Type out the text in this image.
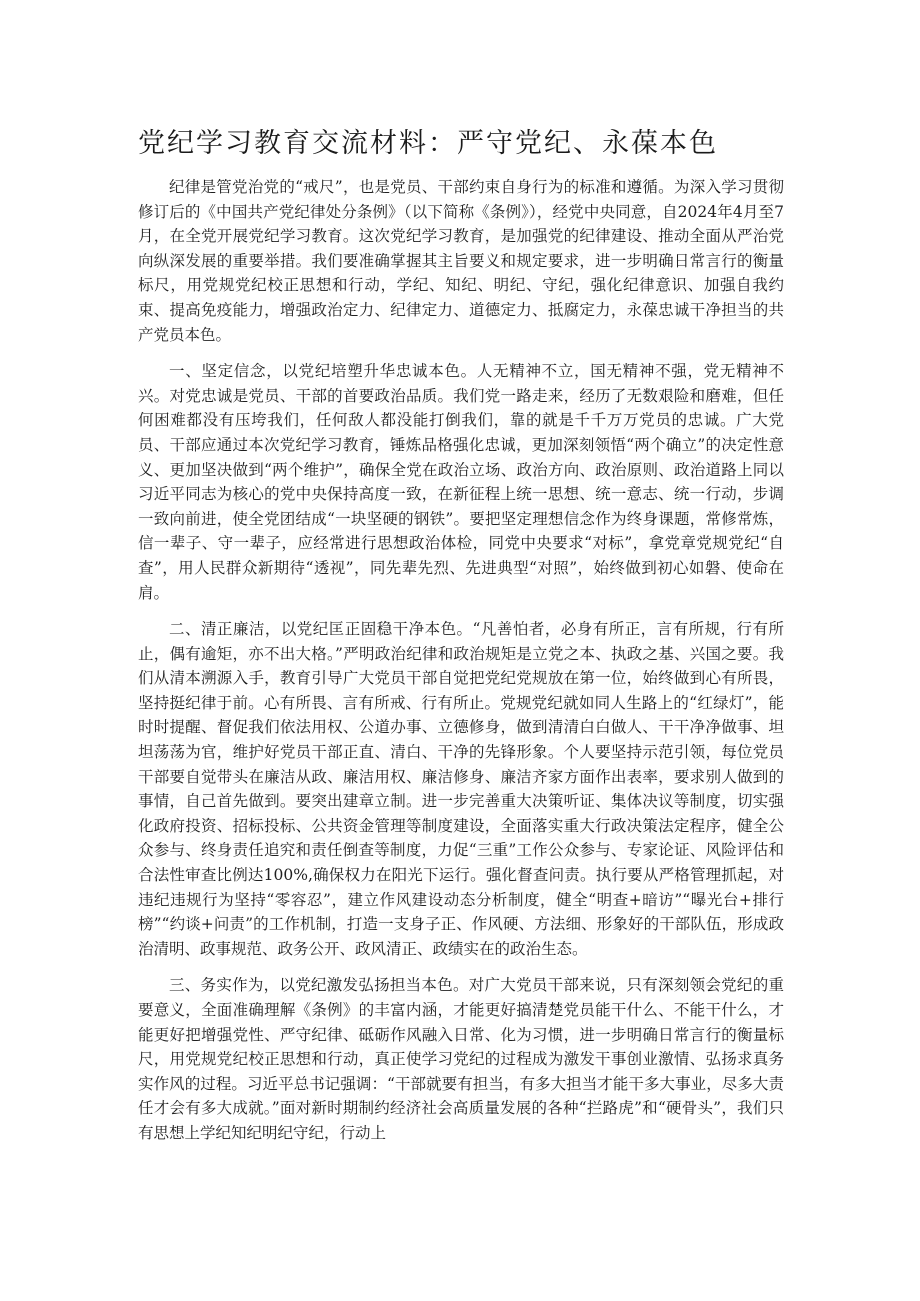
党纪学习教育交流材料：严守党纪、永葆本色

纪律是管党治党的“戒尺”，也是党员、干部约束自身行为的标准和遵循。为深入学习贯彻修订后的《中国共产党纪律处分条例》（以下简称《条例》），经党中央同意，自2024年4月至7月，在全党开展党纪学习教育。这次党纪学习教育，是加强党的纪律建设、推动全面从严治党向纵深发展的重要举措。我们要准确掌握其主旨要义和规定要求，进一步明确日常言行的衡量标尺，用党规党纪校正思想和行动，学纪、知纪、明纪、守纪，强化纪律意识、加强自我约束、提高免疫能力，增强政治定力、纪律定力、道德定力、抵腐定力，永葆忠诚干净担当的共产党员本色。

一、坚定信念，以党纪培塑升华忠诚本色。人无精神不立，国无精神不强，党无精神不兴。对党忠诚是党员、干部的首要政治品质。我们党一路走来，经历了无数艰险和磨难，但任何困难都没有压垮我们，任何敌人都没能打倒我们，靠的就是千千万万党员的忠诚。广大党员、干部应通过本次党纪学习教育，锤炼品格强化忠诚，更加深刻领悟“两个确立”的决定性意义、更加坚决做到“两个维护”，确保全党在政治立场、政治方向、政治原则、政治道路上同以习近平同志为核心的党中央保持高度一致，在新征程上统一思想、统一意志、统一行动，步调一致向前进，使全党团结成“一块坚硬的钢铁”。要把坚定理想信念作为终身课题，常修常炼，信一辈子、守一辈子，应经常进行思想政治体检，同党中央要求“对标”，拿党章党规党纪“自查”，用人民群众新期待“透视”，同先辈先烈、先进典型“对照”，始终做到初心如磐、使命在肩。

二、清正廉洁，以党纪匡正固稳干净本色。“凡善怕者，必身有所正，言有所规，行有所止，偶有逾矩，亦不出大格。”严明政治纪律和政治规矩是立党之本、执政之基、兴国之要。我们从清本溯源入手，教育引导广大党员干部自觉把党纪党规放在第一位，始终做到心有所畏，坚持挺纪律于前。心有所畏、言有所戒、行有所止。党规党纪就如同人生路上的“红绿灯”，能时时提醒、督促我们依法用权、公道办事、立德修身，做到清清白白做人、干干净净做事、坦坦荡荡为官，维护好党员干部正直、清白、干净的先锋形象。个人要坚持示范引领，每位党员干部要自觉带头在廉洁从政、廉洁用权、廉洁修身、廉洁齐家方面作出表率，要求别人做到的事情，自己首先做到。要突出建章立制。进一步完善重大决策听证、集体决议等制度，切实强化政府投资、招标投标、公共资金管理等制度建设，全面落实重大行政决策法定程序，健全公众参与、终身责任追究和责任倒查等制度，力促“三重”工作公众参与、专家论证、风险评估和合法性审查比例达100%,确保权力在阳光下运行。强化督查问责。执行要从严格管理抓起，对违纪违规行为坚持“零容忍”，建立作风建设动态分析制度，健全“明查+暗访”“曝光台+排行榜”“约谈+问责”的工作机制，打造一支身子正、作风硬、方法细、形象好的干部队伍，形成政治清明、政事规范、政务公开、政风清正、政绩实在的政治生态。

三、务实作为，以党纪激发弘扬担当本色。对广大党员干部来说，只有深刻领会党纪的重要意义，全面准确理解《条例》的丰富内涵，才能更好搞清楚党员能干什么、不能干什么，才能更好把增强党性、严守纪律、砥砺作风融入日常、化为习惯，进一步明确日常言行的衡量标尺，用党规党纪校正思想和行动，真正使学习党纪的过程成为激发干事创业激情、弘扬求真务实作风的过程。习近平总书记强调：“干部就要有担当，有多大担当才能干多大事业，尽多大责任才会有多大成就。”面对新时期制约经济社会高质量发展的各种“拦路虎”和“硬骨头”，我们只有思想上学纪知纪明纪守纪，行动上
